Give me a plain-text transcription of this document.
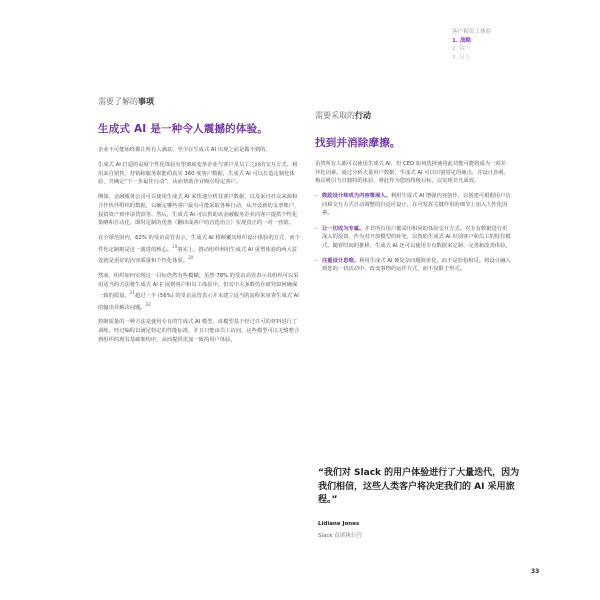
客户和员工体验
1. 战略
2. 客户
3. 员工
需要了解的事项
生成式 AI 是一种令人震撼的体验。

企业不可能始终都让所有人满意。至少在生成式 AI 出现之前是做不到的。

生成式 AI 打造的高度个性化体验有望彻底变革企业与客户及员工之间的交互方式。利用来自销售、营销和服务职能的真实 360 度客户数据，生成式 AI 可以打造定制化体验，并确定“下一步最佳行动”，从而帮助企业吸引特定客户。

例如，金融服务公司可以使用生成式 AI 来快速分析其客户数据，以及来自社交来源和合作伙伴组织的数据，以确定哪些客户最有可能采取各种行动，从开设新的支票账户、投资资产到申请贷款等。然后，生成式 AI 可以帮助该金融服务企业向客户提供个性化策略和自动化、即时定制的优惠（翻译成客户的首选语言）实现真正的一对一营销。

在全球范围内，62% 的受访高管表示，生成式 AI 将颠覆其组织设计体验的方式，而个性化定制则是这一演进的核心。$^{19}$事实上，推动组织利用生成式 AI 重塑体验的两大益处就是更好的内容质量和个性化体验。$^{20}$

然而，组织如何实现这一目标仍然有些模糊。虽然 78% 的受访高管表示其组织可以采用适当的方法将生成式 AI 扩展到客户和员工体验中，但其中大多数仍在研究如何确保一致的质量。$^{21}$超过一半 (56%) 的受访高管表示并未建立适当的流程来审查生成式 AI 的输出并解决问题。$^{22}$

控制质量的一种方法是使用专有的生成式 AI 模型。该模型基于经过许可的材料进行了训练，经过编程以满足特定的性能标准，并且只能由员工访问。这些模型可以无缝整合到组织的现有基础架构中，从而提供更加一致的用户体验。

需要采取的行动
找到并消除摩擦。

虽然所有人都可以使用生成式 AI，但 CEO 如何选择使用此功能可能将成为一项差异化因素。通过分析大量用户数据，生成式 AI 可以识别常见的痛点，并设计直观、极具吸引力且独特的体验，将此作为您的终极目标，以实现非凡成效。

– 鼓励设计师成为内容策展人。利用生成式 AI 增强内容创作，以创建可根据用户访问和交互方式自动调整的自适应设计，在可发挥关键作用的细节上加入人性化因素。
– 让一切成为专属。并非所有用户都采用相同的体验交互方式。对专有数据进行更深入的投资，作为对开放模型的补充，以帮助生成式 AI 识别客户和员工的特有模式。随着时间的推移，生成式 AI 还可以使用专有数据来定制、完善和改善体验。
– 注重设计思维。利用生成式 AI 便复杂问题简单化，而不是恰恰相反。将设计融入到您的一切活动中，改变事物的运作方式，而不仅限于形式。
“我们对 Slack 的用户体验进行了大量迭代，因为我们相信，这些人类客户将决定我们的 AI 采用旅程。”
Lidiane Jones
Slack 首席执行官
33
